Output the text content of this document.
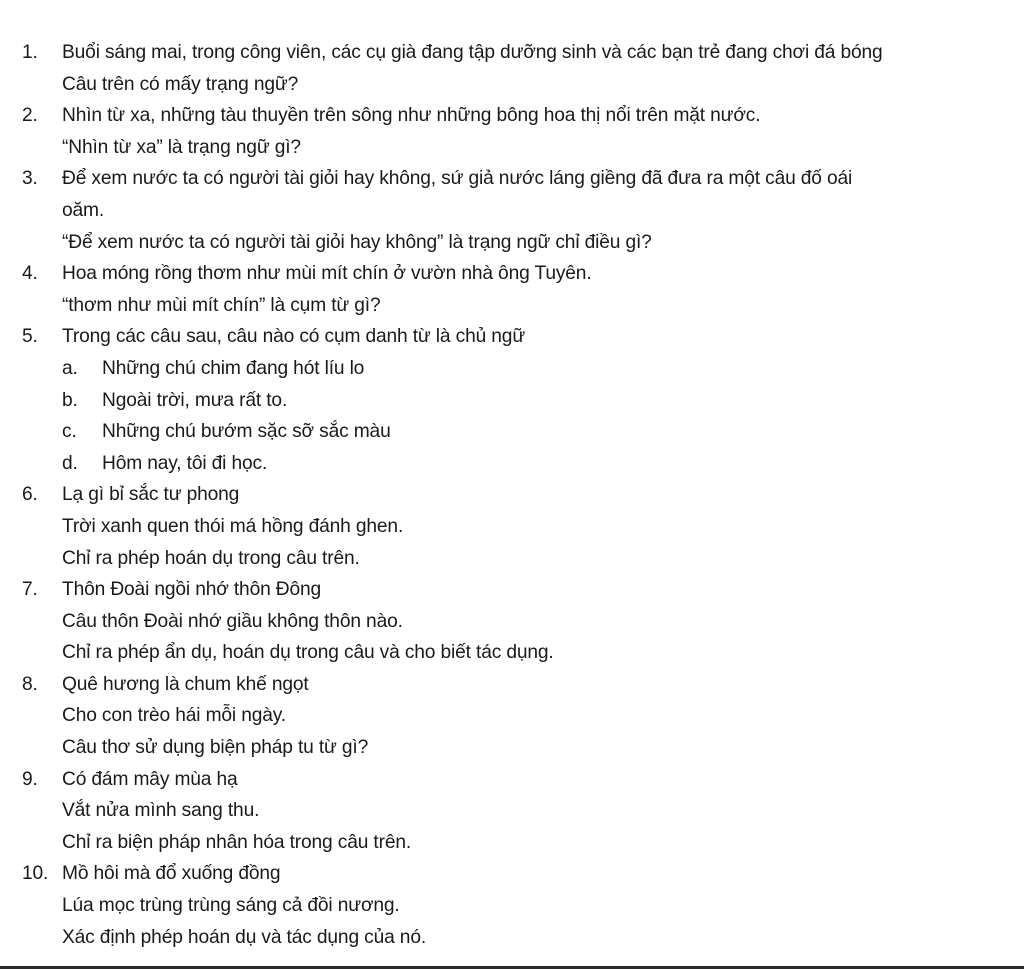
1. Buổi sáng mai, trong công viên, các cụ già đang tập dưỡng sinh và các bạn trẻ đang chơi đá bóng
Câu trên có mấy trạng ngữ?
2. Nhìn từ xa, những tàu thuyền trên sông như những bông hoa thị nổi trên mặt nước.
“Nhìn từ xa” là trạng ngữ gì?
3. Để xem nước ta có người tài giỏi hay không, sứ giả nước láng giềng đã đưa ra một câu đố oái
oăm.
“Để xem nước ta có người tài giỏi hay không” là trạng ngữ chỉ điều gì?
4. Hoa móng rồng thơm như mùi mít chín ở vườn nhà ông Tuyên.
“thơm như mùi mít chín” là cụm từ gì?
5. Trong các câu sau, câu nào có cụm danh từ là chủ ngữ
a. Những chú chim đang hót líu lo
b. Ngoài trời, mưa rất to.
c. Những chú bướm sặc sỡ sắc màu
d. Hôm nay, tôi đi học.
6. Lạ gì bỉ sắc tư phong
Trời xanh quen thói má hồng đánh ghen.
Chỉ ra phép hoán dụ trong câu trên.
7. Thôn Đoài ngồi nhớ thôn Đông
Câu thôn Đoài nhớ giầu không thôn nào.
Chỉ ra phép ẩn dụ, hoán dụ trong câu và cho biết tác dụng.
8. Quê hương là chum khế ngọt
Cho con trèo hái mỗi ngày.
Câu thơ sử dụng biện pháp tu từ gì?
9. Có đám mây mùa hạ
Vắt nửa mình sang thu.
Chỉ ra biện pháp nhân hóa trong câu trên.
10. Mồ hôi mà đổ xuống đồng
Lúa mọc trùng trùng sáng cả đồi nương.
Xác định phép hoán dụ và tác dụng của nó.
